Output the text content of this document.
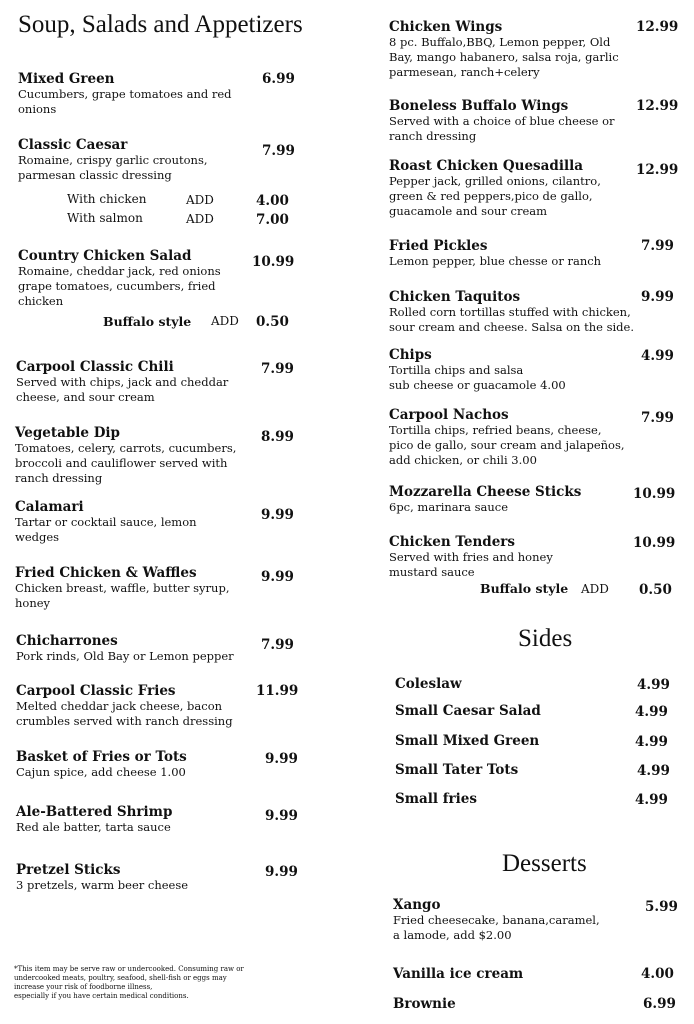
Soup, Salads and Appetizers
Mixed Green
Cucumbers, grape tomatoes and red
onions
6.99
Classic Caesar
Romaine, crispy garlic croutons,
parmesan classic dressing
7.99
With chicken	ADD	4.00
With salmon	ADD	7.00
Country Chicken Salad
Romaine, cheddar jack, red onions
grape tomatoes, cucumbers, fried
chicken
10.99
Buffalo style ADD 0.50
Carpool Classic Chili
Served with chips, jack and cheddar
cheese, and sour cream
7.99
Vegetable Dip
Tomatoes, celery, carrots, cucumbers,
broccoli and cauliflower served with
ranch dressing
8.99
Calamari
Tartar or cocktail sauce, lemon
wedges
9.99
Fried Chicken & Waffles
Chicken breast, waffle, butter syrup,
honey
9.99
Chicharrones
Pork rinds, Old Bay or Lemon pepper
7.99
Carpool Classic Fries
Melted cheddar jack cheese, bacon
crumbles served with ranch dressing
11.99
Basket of Fries or Tots
Cajun spice, add cheese 1.00
9.99
Ale-Battered Shrimp
Red ale batter, tarta sauce
9.99
Pretzel Sticks
3 pretzels, warm beer cheese
9.99
*This item may be serve raw or undercooked. Consuming raw or
undercooked meats, poultry, seafood, shell-fish or eggs may
increase your risk of foodborne illness,
especially if you have certain medical conditions.
Chicken Wings
8 pc. Buffalo,BBQ, Lemon pepper, Old
Bay, mango habanero, salsa roja, garlic
parmesean, ranch+celery
12.99
Boneless Buffalo Wings
Served with a choice of blue cheese or
ranch dressing
12.99
Roast Chicken Quesadilla
Pepper jack, grilled onions, cilantro,
green & red peppers,pico de gallo,
guacamole and sour cream
12.99
Fried Pickles
Lemon pepper, blue chesse or ranch
7.99
Chicken Taquitos
Rolled corn tortillas stuffed with chicken,
sour cream and cheese. Salsa on the side.
9.99
Chips
Tortilla chips and salsa
sub cheese or guacamole 4.00
4.99
Carpool Nachos
Tortilla chips, refried beans, cheese,
pico de gallo, sour cream and jalapeños,
add chicken, or chili 3.00
7.99
Mozzarella Cheese Sticks
6pc, marinara sauce
10.99
Chicken Tenders
Served with fries and honey
mustard sauce
10.99
Buffalo style ADD 0.50
Sides
Coleslaw	4.99
Small Caesar Salad	4.99
Small Mixed Green	4.99
Small Tater Tots	4.99
Small fries	4.99
Desserts
Xango
Fried cheesecake, banana,caramel,
a lamode, add $2.00
5.99
Vanilla ice cream	4.00
Brownie	6.99
